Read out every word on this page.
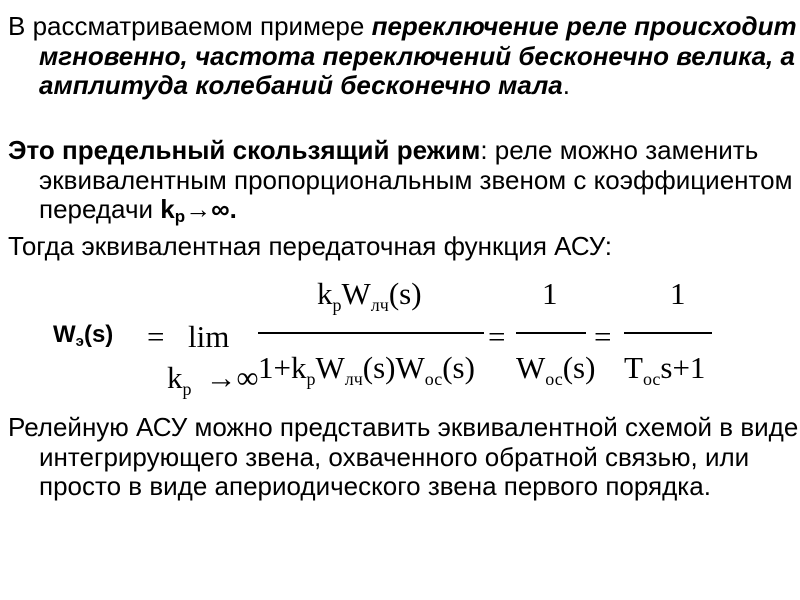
В рассматриваемом примере переключение реле происходит мгновенно, частота переключений бесконечно велика, а амплитуда колебаний бесконечно мала.

Это предельный скользящий режим: реле можно заменить эквивалентным пропорциональным звеном с коэффициентом передачи $k_p\to\infty$.

Тогда эквивалентная передаточная функция АСУ:

$W_э(s) = \lim$
$k_p$ →∞
$k_pW_{лч}(s)$
$1+k_pW_{лч}(s)W_{ос}(s)$
=
1
$W_{ос}(s)$
=
1
$T_{ос}s+1$

Релейную АСУ можно представить эквивалентной схемой в виде интегрирующего звена, охваченного обратной связью, или просто в виде апериодического звена первого порядка.
